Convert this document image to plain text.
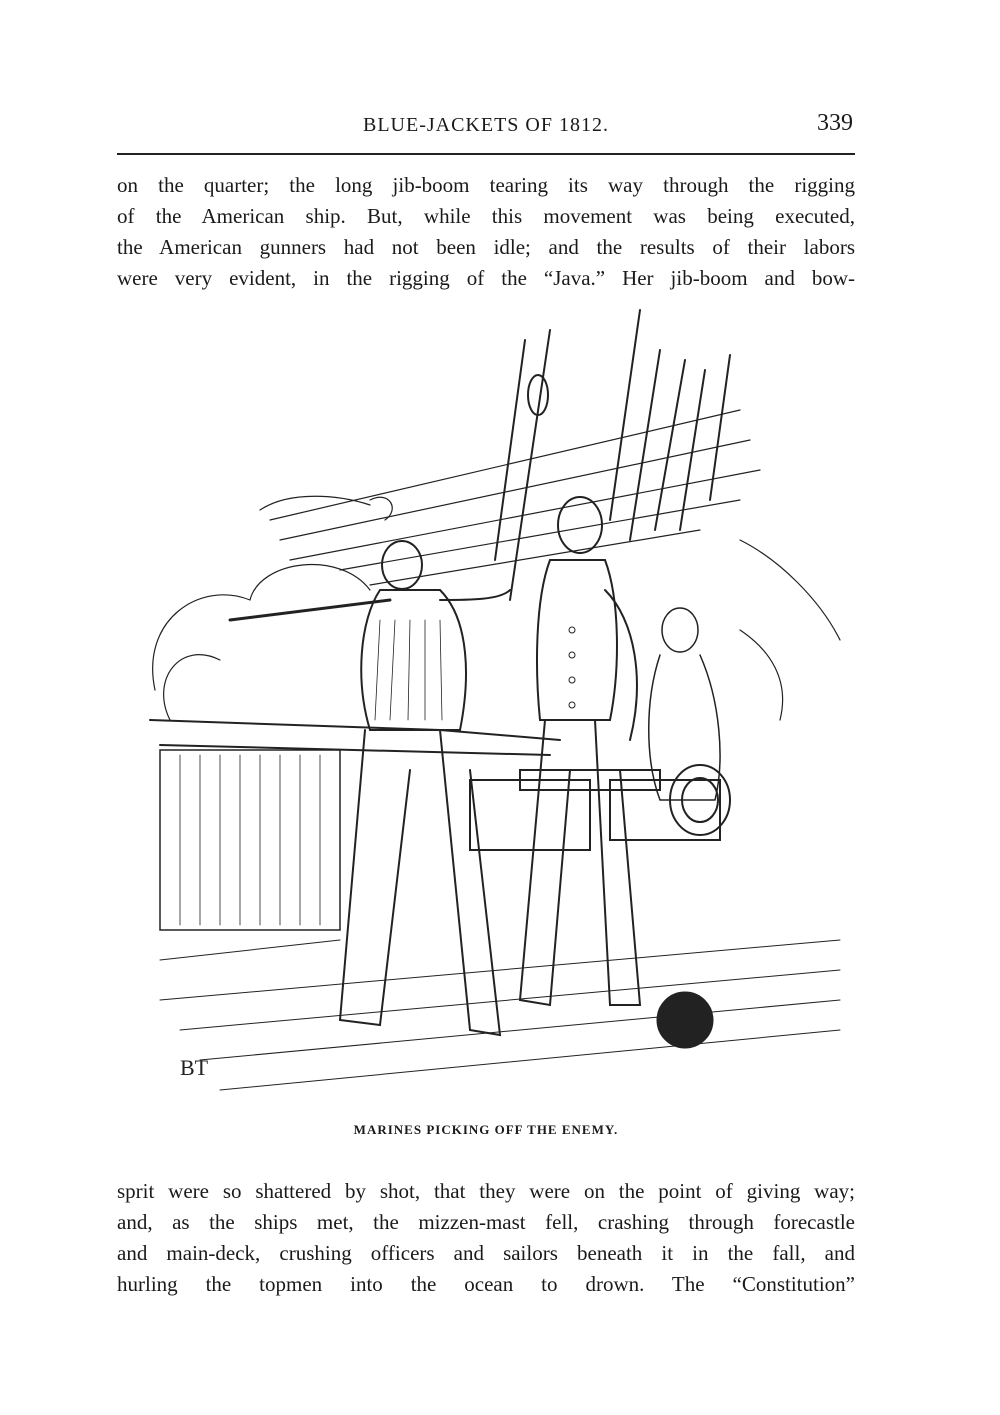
BLUE-JACKETS OF 1812.	339
on the quarter; the long jib-boom tearing its way through the rigging
of the American ship. But, while this movement was being executed,
the American gunners had not been idle; and the results of their labors
were very evident, in the rigging of the “Java.” Her jib-boom and bow-
BT
MARINES PICKING OFF THE ENEMY.
sprit were so shattered by shot, that they were on the point of giving way;
and, as the ships met, the mizzen-mast fell, crashing through forecastle
and main-deck, crushing officers and sailors beneath it in the fall, and
hurling the topmen into the ocean to drown. The “Constitution”
